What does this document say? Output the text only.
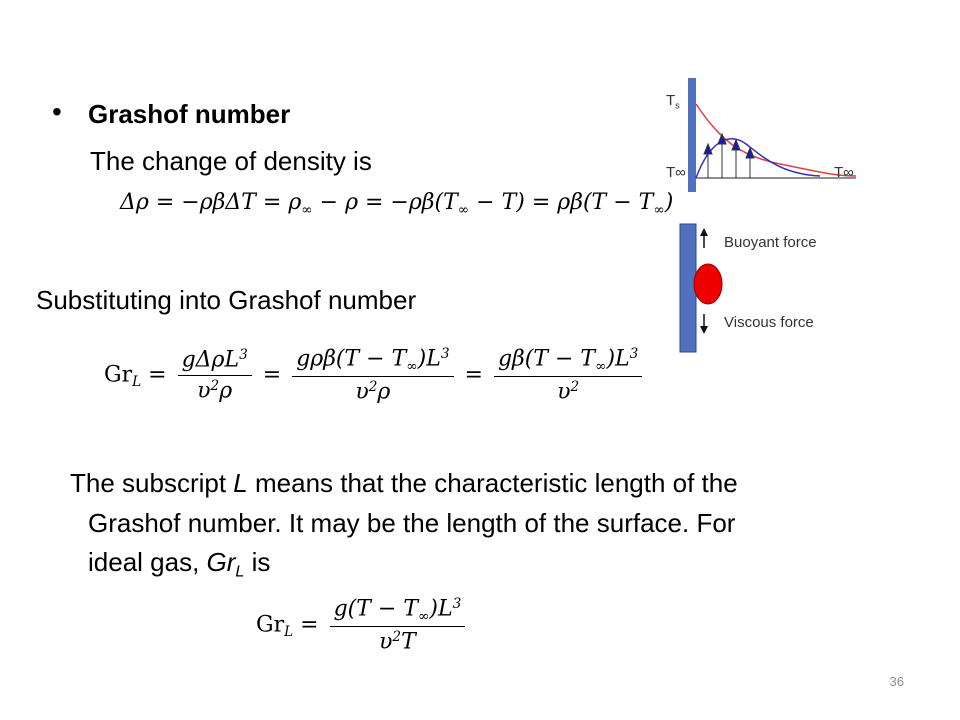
• Grashof number
The change of density is
$\Delta\rho = -\rho\beta\Delta T = \rho_\infty - \rho = -\rho\beta(T_\infty - T) = \rho\beta(T - T_\infty)$
Substituting into Grashof number
$Gr_L = \frac{g\Delta\rho L^3}{\upsilon^2\rho} = \frac{g\rho\beta(T - T_\infty)L^3}{\upsilon^2\rho} = \frac{g\beta(T - T_\infty)L^3}{\upsilon^2}$
The subscript L means that the characteristic length of the
Grashof number. It may be the length of the surface. For
ideal gas, $Gr_L$ is
$Gr_L = \frac{g(T - T_\infty)L^3}{\upsilon^2T}$
$T_s$
T∞	T∞
Buoyant force
Viscous force
36
